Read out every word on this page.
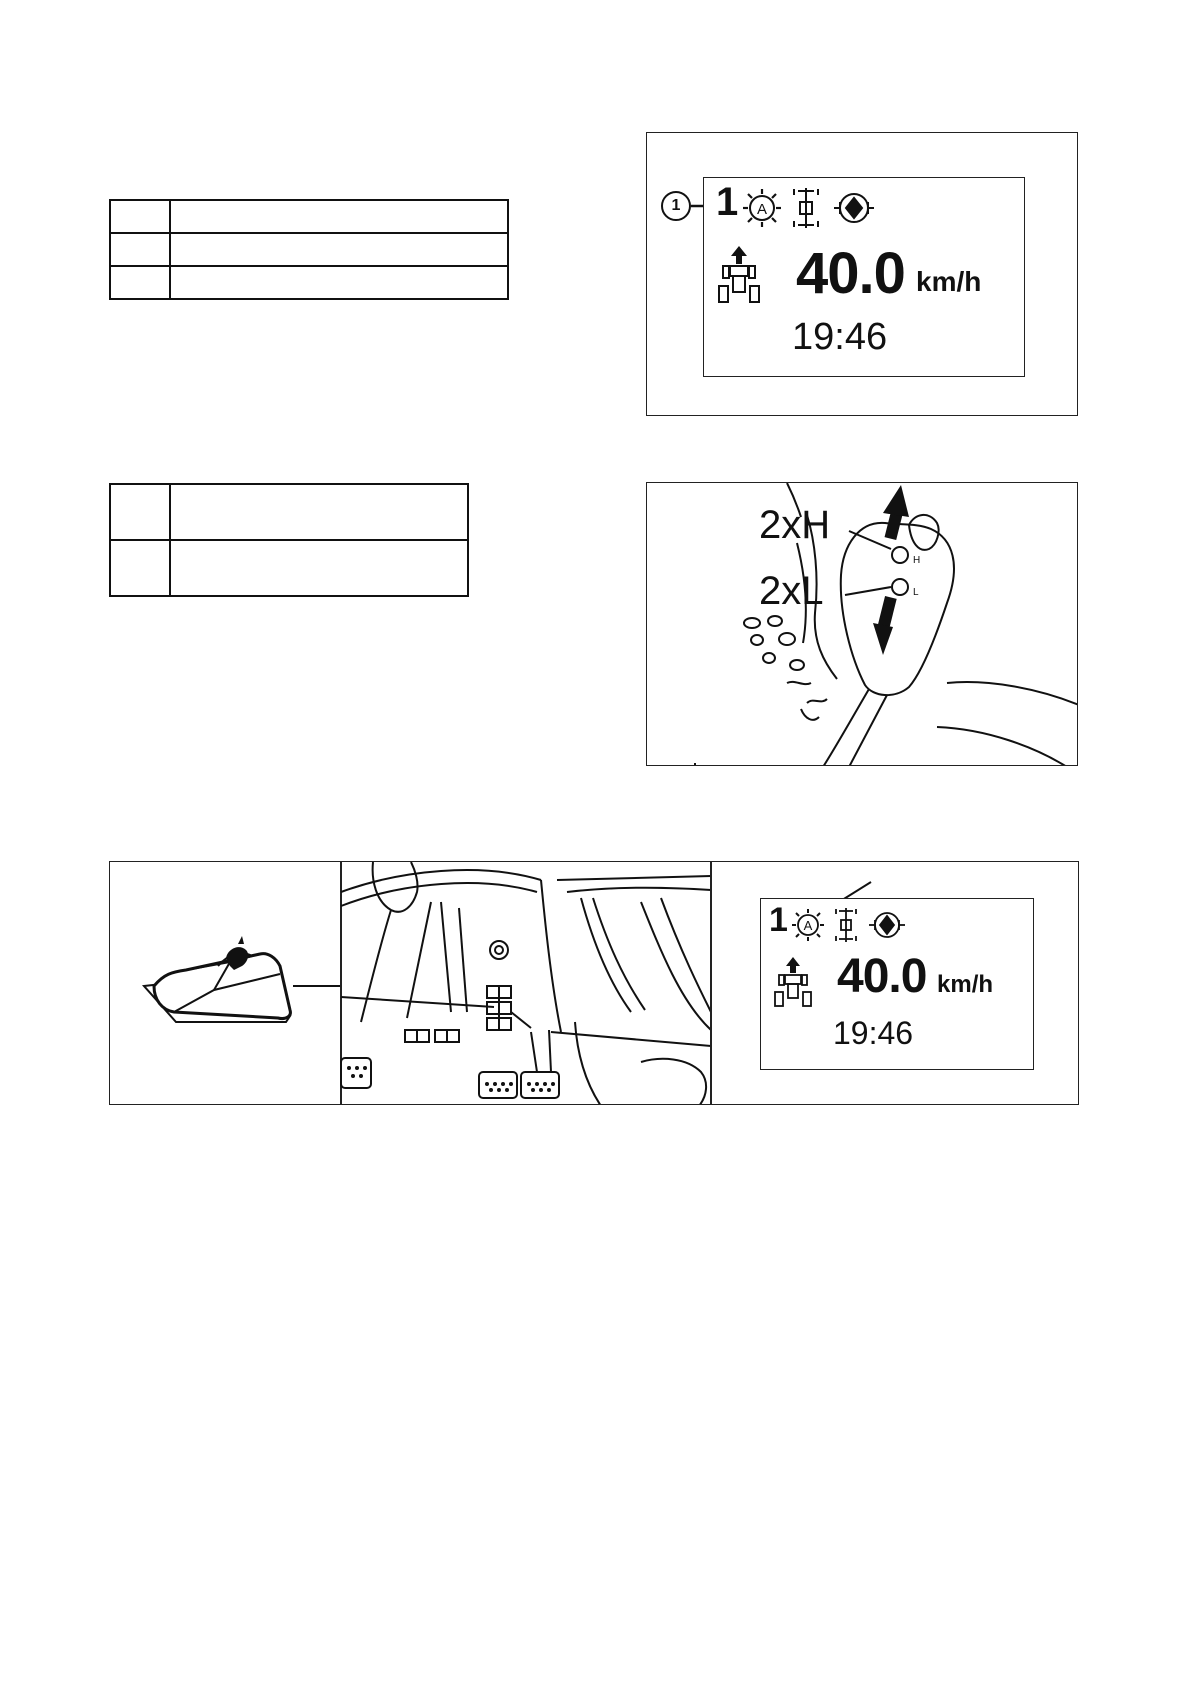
1 1 A
40.0 km/h
19:46
H
L
2xH
2xL
1 A
40.0 km/h
19:46
